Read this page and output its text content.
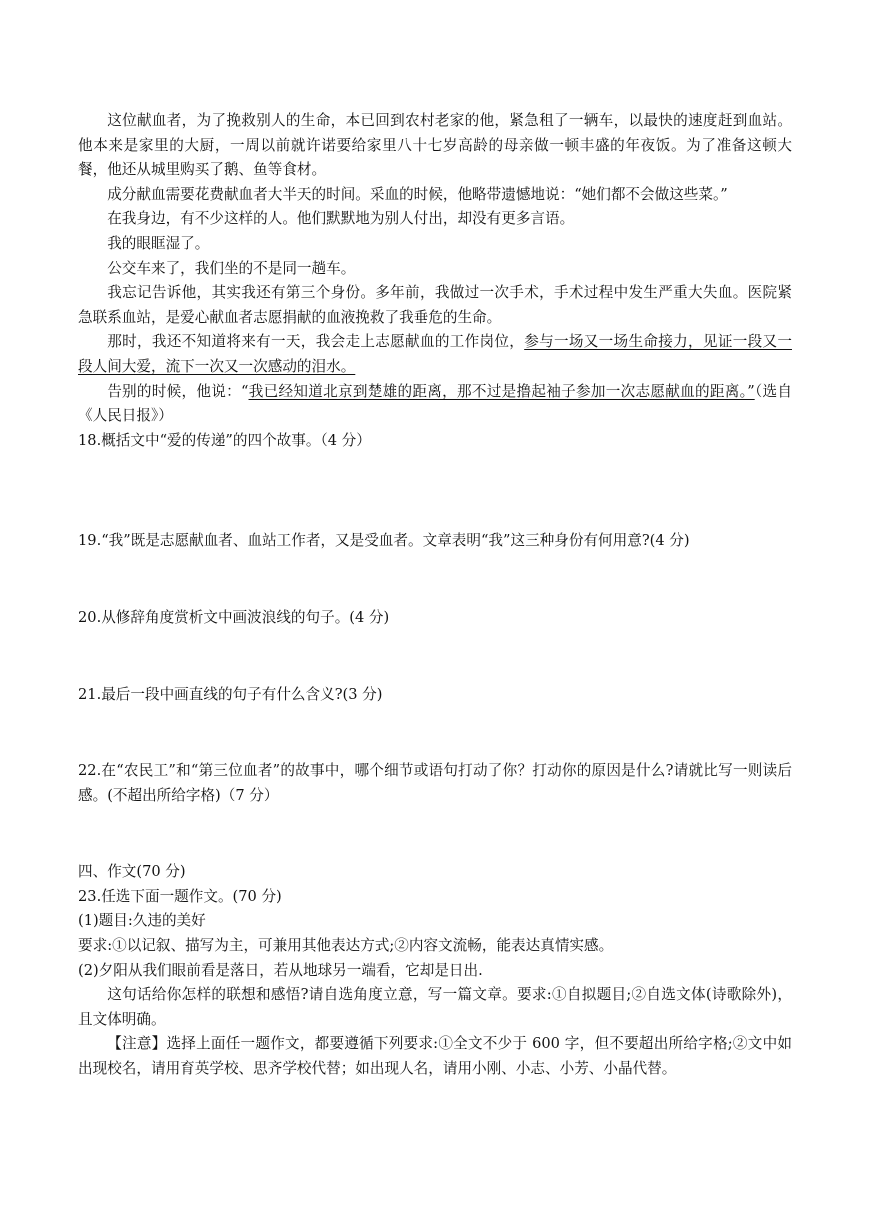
这位献血者，为了挽救别人的生命，本已回到农村老家的他，紧急租了一辆车，以最快的速度赶到血站。他本来是家里的大厨，一周以前就许诺要给家里八十七岁高龄的母亲做一顿丰盛的年夜饭。为了准备这顿大餐，他还从城里购买了鹅、鱼等食材。

成分献血需要花费献血者大半天的时间。采血的时候，他略带遗憾地说：“她们都不会做这些菜。”

在我身边，有不少这样的人。他们默默地为别人付出，却没有更多言语。

我的眼眶湿了。

公交车来了，我们坐的不是同一趟车。

我忘记告诉他，其实我还有第三个身份。多年前，我做过一次手术，手术过程中发生严重大失血。医院紧急联系血站，是爱心献血者志愿捐献的血液挽救了我垂危的生命。

那时，我还不知道将来有一天，我会走上志愿献血的工作岗位，参与一场又一场生命接力，见证一段又一段人间大爱，流下一次又一次感动的泪水。

告别的时候，他说：“我已经知道北京到楚雄的距离，那不过是撸起袖子参加一次志愿献血的距离。”（选自《人民日报》）

18.概括文中“爱的传递”的四个故事。（4 分）

19.“我”既是志愿献血者、血站工作者，又是受血者。文章表明“我”这三种身份有何用意?(4 分)

20.从修辞角度赏析文中画波浪线的句子。(4 分)

21.最后一段中画直线的句子有什么含义?(3 分)

22.在“农民工”和“第三位血者”的故事中，哪个细节或语句打动了你？打动你的原因是什么?请就比写一则读后感。(不超出所给字格)（7 分）

四、作文(70 分)

23.任选下面一题作文。(70 分)

(1)题目:久违的美好

要求:①以记叙、描写为主，可兼用其他表达方式;②内容文流畅，能表达真情实感。

(2)夕阳从我们眼前看是落日，若从地球另一端看，它却是日出.

这句话给你怎样的联想和感悟?请自选角度立意，写一篇文章。要求:①自拟题目;②自选文体(诗歌除外)，且文体明确。

【注意】选择上面任一题作文，都要遵循下列要求:①全文不少于 600 字，但不要超出所给字格;②文中如出现校名，请用育英学校、思齐学校代替；如出现人名，请用小刚、小志、小芳、小晶代替。
